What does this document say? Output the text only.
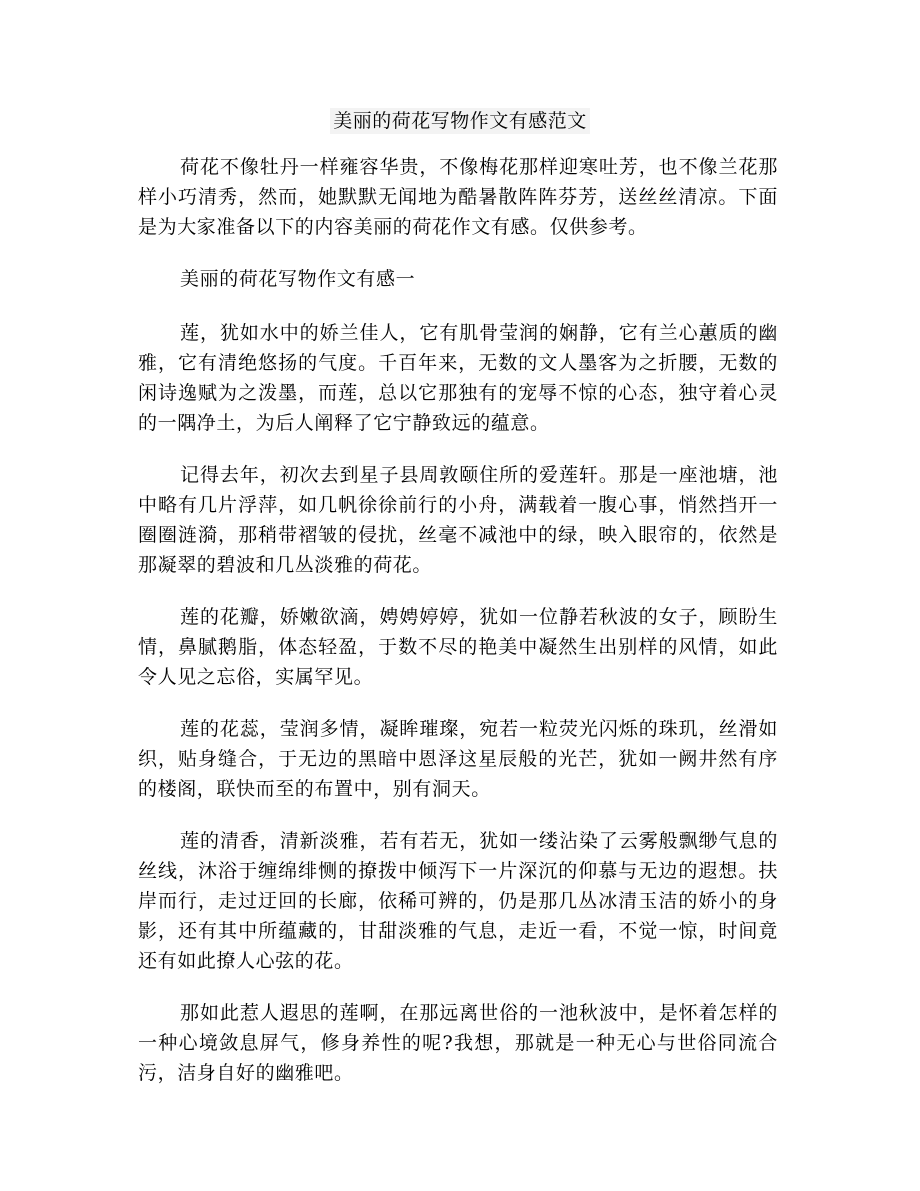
美丽的荷花写物作文有感范文

荷花不像牡丹一样雍容华贵，不像梅花那样迎寒吐芳，也不像兰花那样小巧清秀，然而，她默默无闻地为酷暑散阵阵芬芳，送丝丝清凉。下面是为大家准备以下的内容美丽的荷花作文有感。仅供参考。

美丽的荷花写物作文有感一

莲，犹如水中的娇兰佳人，它有肌骨莹润的娴静，它有兰心蕙质的幽雅，它有清绝悠扬的气度。千百年来，无数的文人墨客为之折腰，无数的闲诗逸赋为之泼墨，而莲，总以它那独有的宠辱不惊的心态，独守着心灵的一隅净土，为后人阐释了它宁静致远的蕴意。

记得去年，初次去到星子县周敦颐住所的爱莲轩。那是一座池塘，池中略有几片浮萍，如几帆徐徐前行的小舟，满载着一腹心事，悄然挡开一圈圈涟漪，那稍带褶皱的侵扰，丝毫不减池中的绿，映入眼帘的，依然是那凝翠的碧波和几丛淡雅的荷花。

莲的花瓣，娇嫩欲滴，娉娉婷婷，犹如一位静若秋波的女子，顾盼生情，鼻腻鹅脂，体态轻盈，于数不尽的艳美中凝然生出别样的风情，如此令人见之忘俗，实属罕见。

莲的花蕊，莹润多情，凝眸璀璨，宛若一粒荧光闪烁的珠玑，丝滑如织，贴身缝合，于无边的黑暗中恩泽这星辰般的光芒，犹如一阙井然有序的楼阁，联快而至的布置中，别有洞天。

莲的清香，清新淡雅，若有若无，犹如一缕沾染了云雾般飘缈气息的丝线，沐浴于缠绵绯恻的撩拨中倾泻下一片深沉的仰慕与无边的遐想。扶岸而行，走过迂回的长廊，依稀可辨的，仍是那几丛冰清玉洁的娇小的身影，还有其中所蕴藏的，甘甜淡雅的气息，走近一看，不觉一惊，时间竟还有如此撩人心弦的花。

那如此惹人遐思的莲啊，在那远离世俗的一池秋波中，是怀着怎样的一种心境敛息屏气，修身养性的呢?我想，那就是一种无心与世俗同流合污，洁身自好的幽雅吧。
